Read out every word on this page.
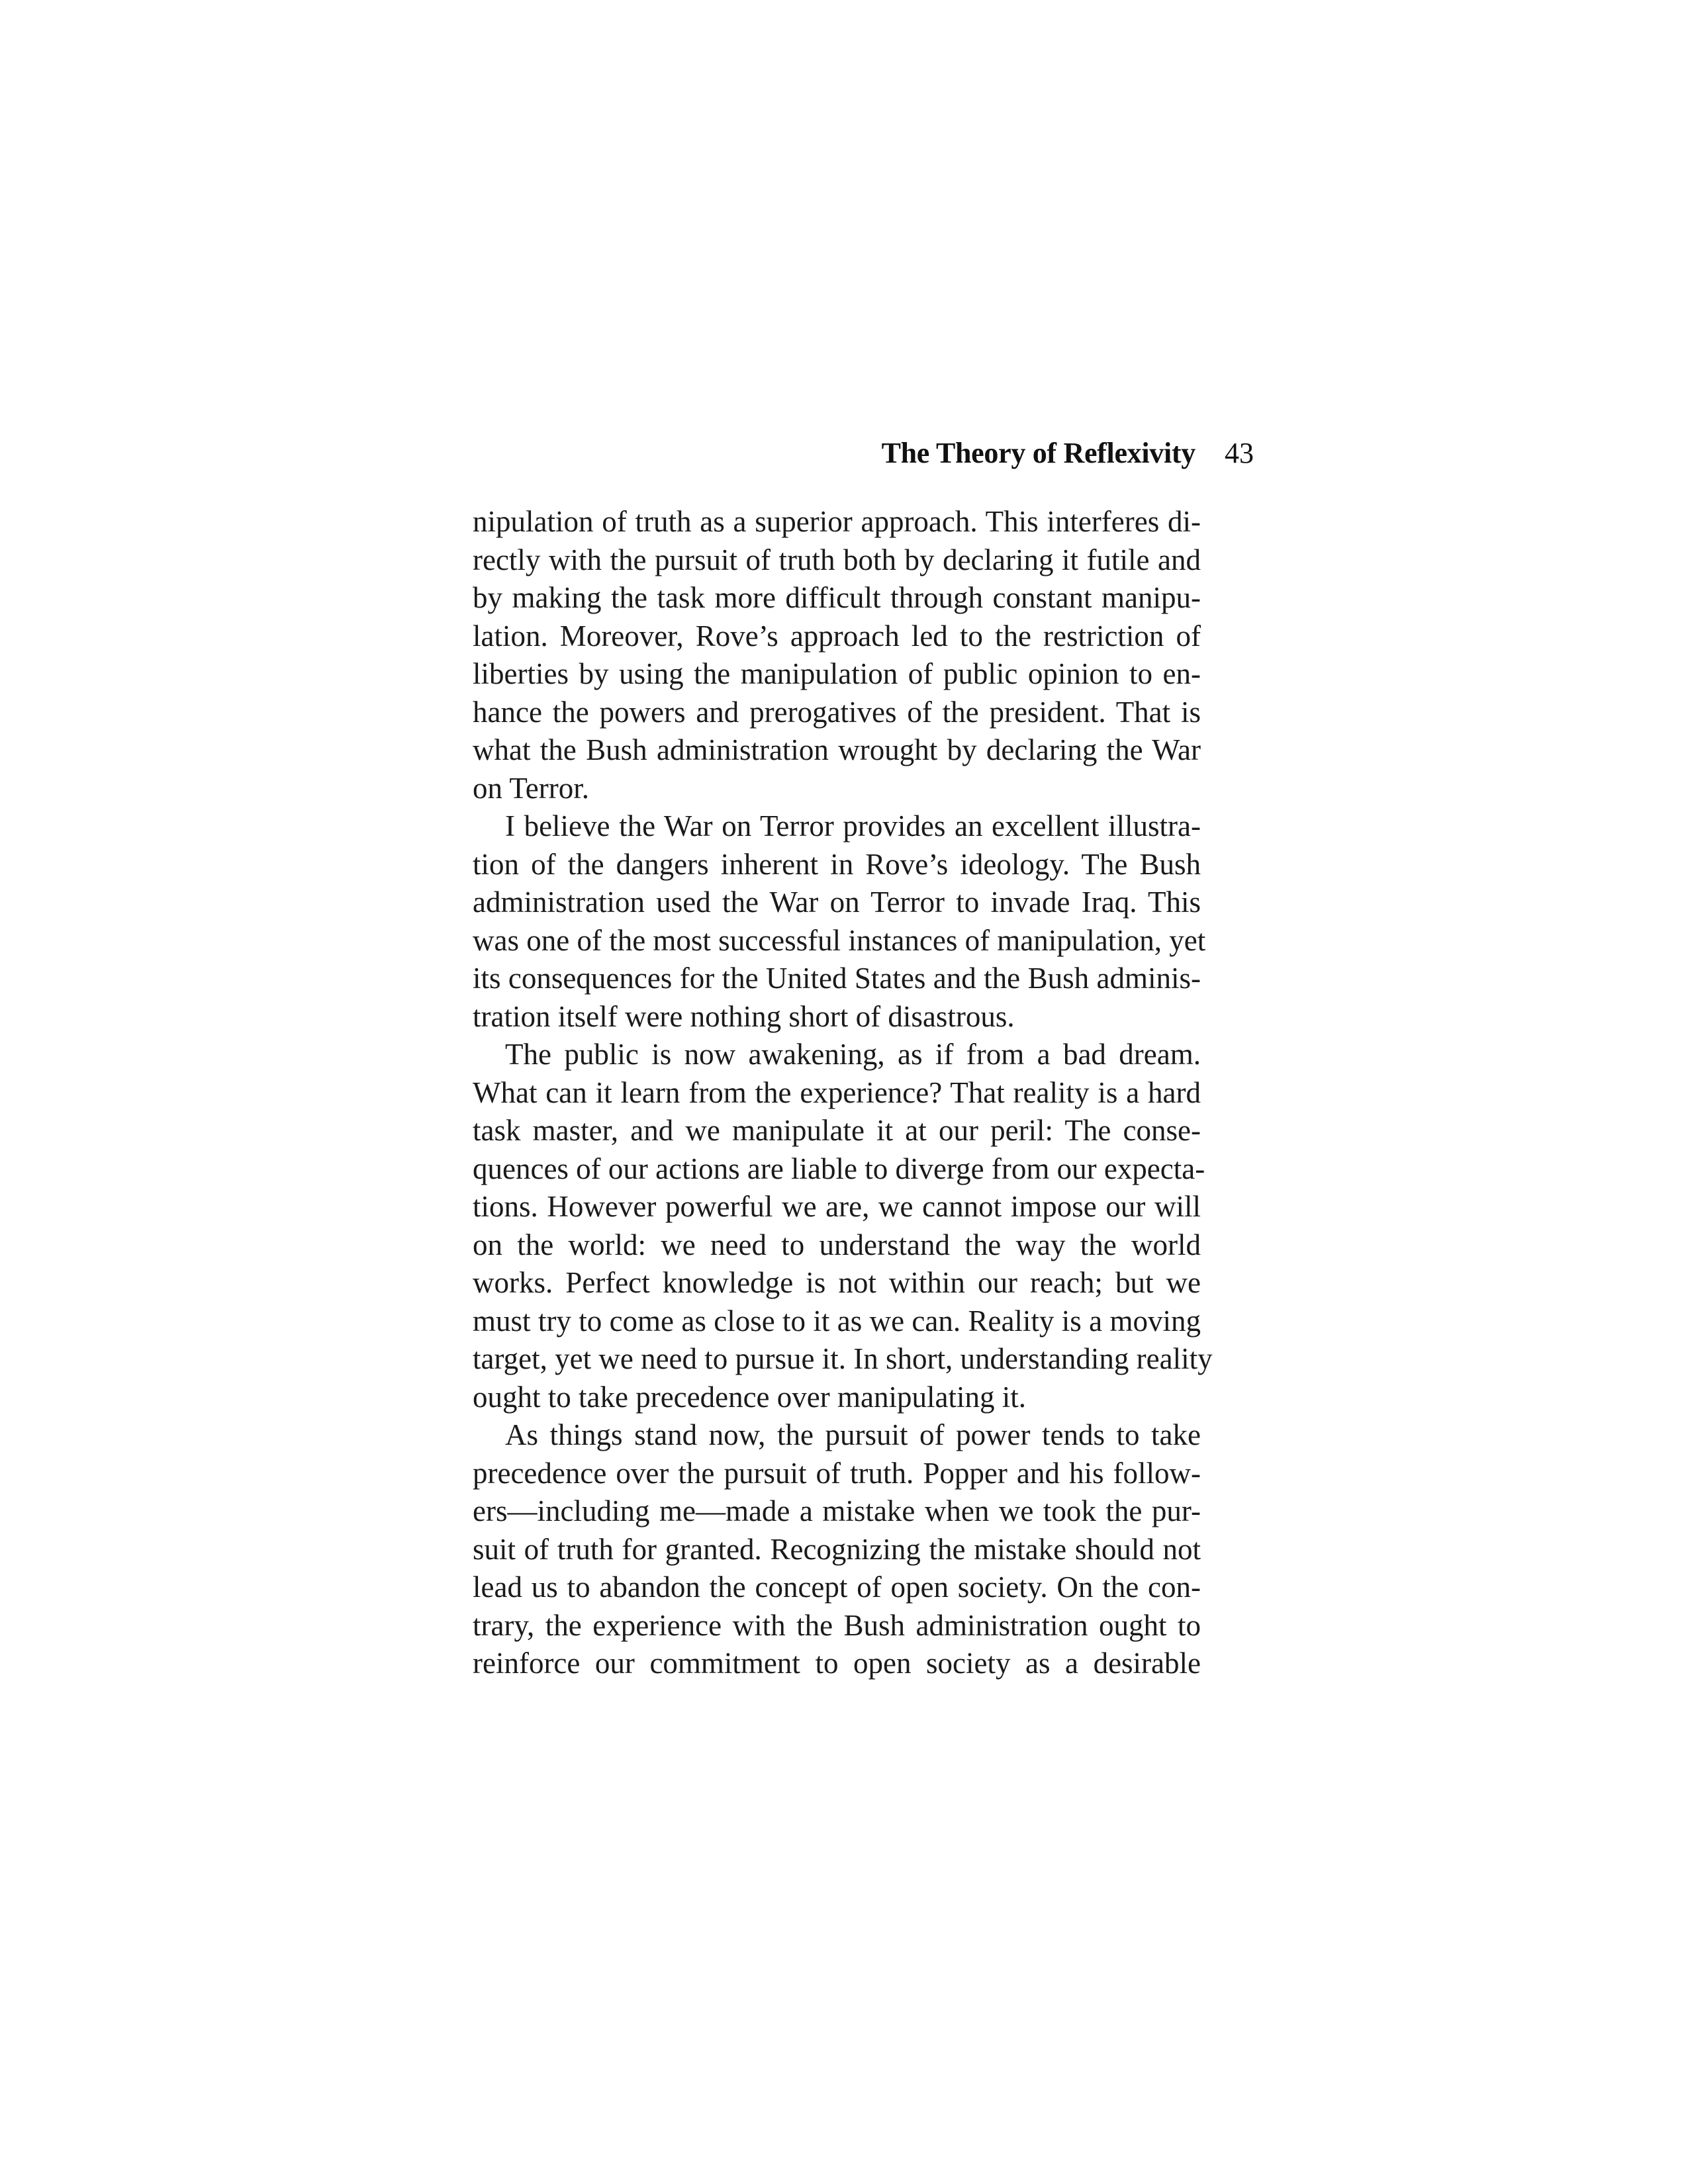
The Theory of Reflexivity 43
nipulation of truth as a superior approach. This interferes di-
rectly with the pursuit of truth both by declaring it futile and
by making the task more difficult through constant manipu-
lation. Moreover, Rove’s approach led to the restriction of
liberties by using the manipulation of public opinion to en-
hance the powers and prerogatives of the president. That is
what the Bush administration wrought by declaring the War
on Terror.
I believe the War on Terror provides an excellent illustra-
tion of the dangers inherent in Rove’s ideology. The Bush
administration used the War on Terror to invade Iraq. This
was one of the most successful instances of manipulation, yet
its consequences for the United States and the Bush adminis-
tration itself were nothing short of disastrous.
The public is now awakening, as if from a bad dream.
What can it learn from the experience? That reality is a hard
task master, and we manipulate it at our peril: The conse-
quences of our actions are liable to diverge from our expecta-
tions. However powerful we are, we cannot impose our will
on the world: we need to understand the way the world
works. Perfect knowledge is not within our reach; but we
must try to come as close to it as we can. Reality is a moving
target, yet we need to pursue it. In short, understanding reality
ought to take precedence over manipulating it.
As things stand now, the pursuit of power tends to take
precedence over the pursuit of truth. Popper and his follow-
ers—including me—made a mistake when we took the pur-
suit of truth for granted. Recognizing the mistake should not
lead us to abandon the concept of open society. On the con-
trary, the experience with the Bush administration ought to
reinforce our commitment to open society as a desirable
